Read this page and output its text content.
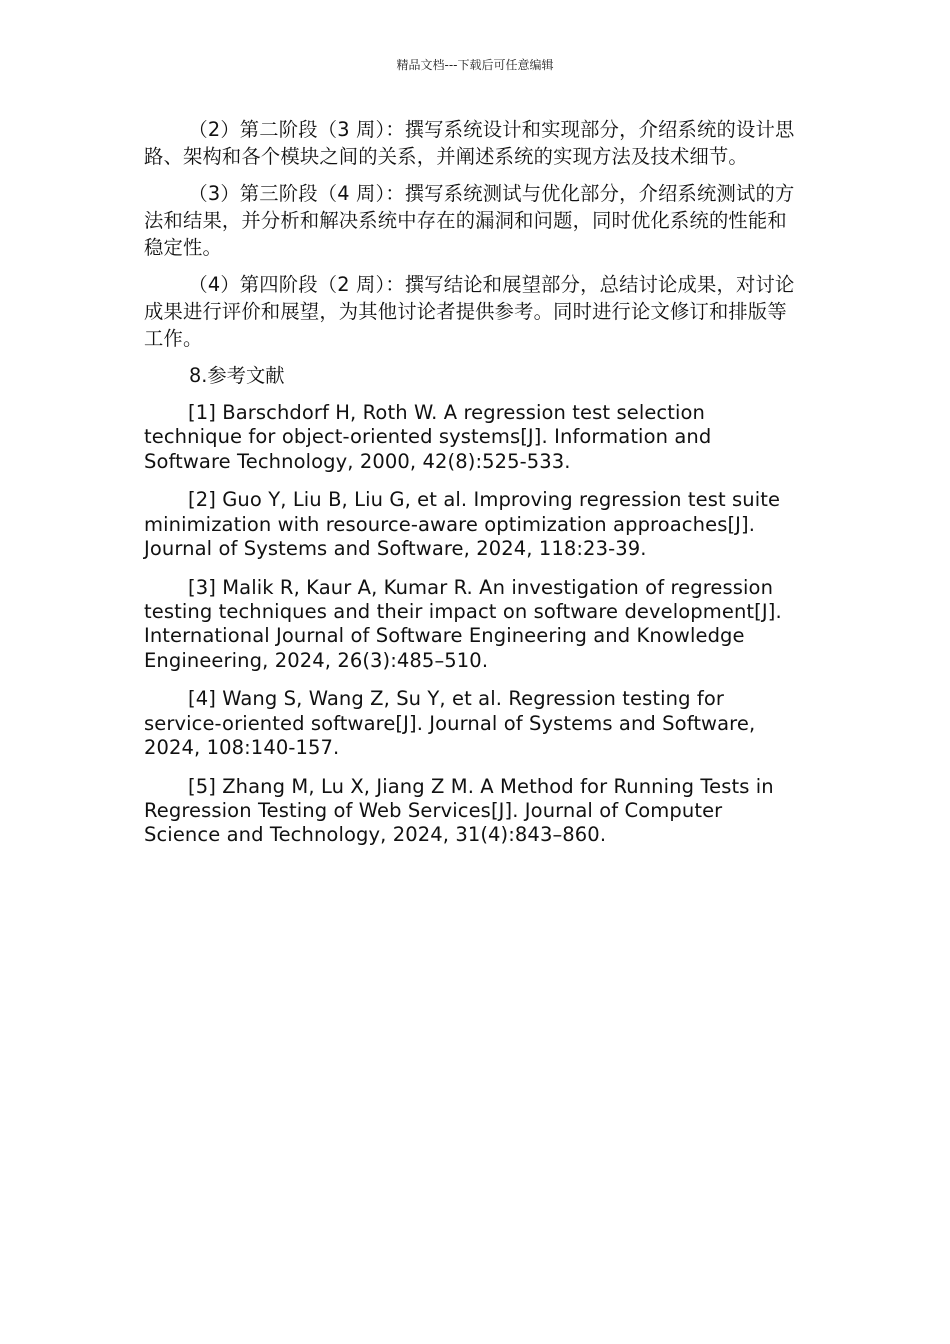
精品文档---下载后可任意编辑

（2）第二阶段（3 周）：撰写系统设计和实现部分，介绍系统的设计思路、架构和各个模块之间的关系，并阐述系统的实现方法及技术细节。

（3）第三阶段（4 周）：撰写系统测试与优化部分，介绍系统测试的方法和结果，并分析和解决系统中存在的漏洞和问题，同时优化系统的性能和稳定性。

（4）第四阶段（2 周）：撰写结论和展望部分，总结讨论成果，对讨论成果进行评价和展望，为其他讨论者提供参考。同时进行论文修订和排版等工作。

8.参考文献

[1] Barschdorf H, Roth W. A regression test selection technique for object-oriented systems[J]. Information and Software Technology, 2000, 42(8):525-533.

[2] Guo Y, Liu B, Liu G, et al. Improving regression test suite minimization with resource-aware optimization approaches[J]. Journal of Systems and Software, 2024, 118:23-39.

[3] Malik R, Kaur A, Kumar R. An investigation of regression testing techniques and their impact on software development[J]. International Journal of Software Engineering and Knowledge Engineering, 2024, 26(3):485–510.

[4] Wang S, Wang Z, Su Y, et al. Regression testing for service-oriented software[J]. Journal of Systems and Software, 2024, 108:140-157.

[5] Zhang M, Lu X, Jiang Z M. A Method for Running Tests in Regression Testing of Web Services[J]. Journal of Computer Science and Technology, 2024, 31(4):843–860.
